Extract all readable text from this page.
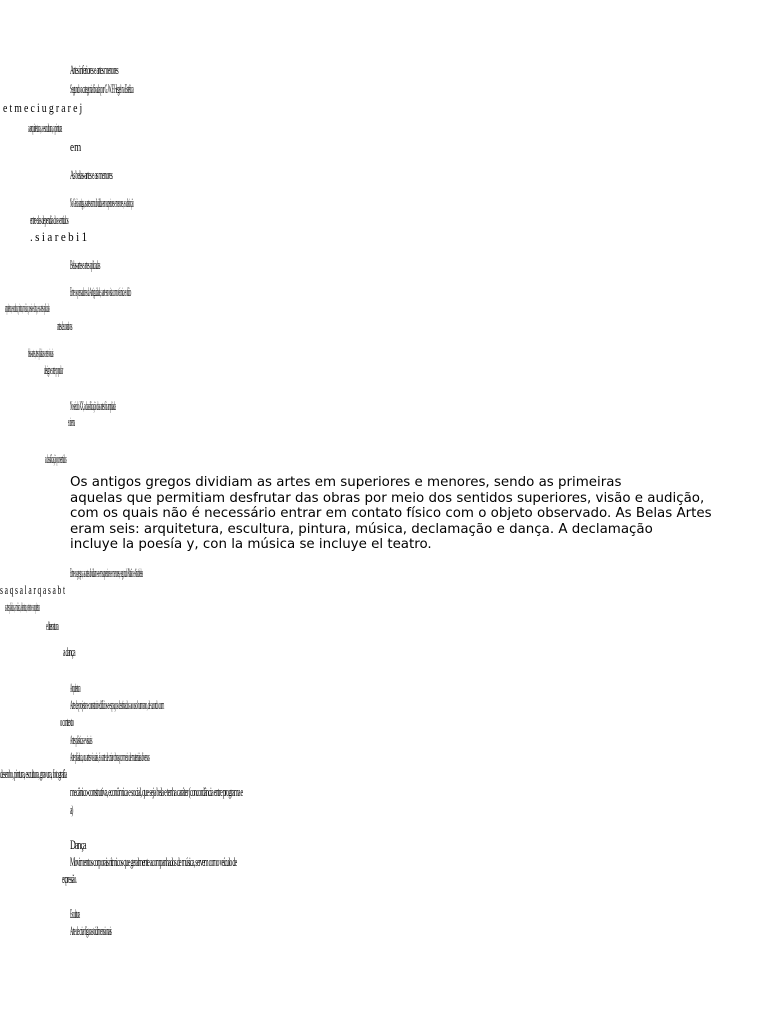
Artes inferiores e artes menores
Segundo a categoria fixada por G. W. F. Hegel na Estética
e t m e c i u g r a r e j
a arquitetura, a escultura, a pintura
e m
As belas-artes e as menores
Na Grécia antiga, as artes eram divididas em superiores e menores, e a distinção
entre elas dependia dos sentidos
. s i a r e b i 1
Belas-artes e artes aplicadas
Entre os pensadores da Antiguidade, a arte era vista como técnica e ofício
arquitetura, escultura, pintura, música, poesia e dança, e as artes aplicadas
artes decorativas
belas-artes, artes plásticas e artes visuais
design e arte popular
No século XX, a classificação das artes foi ampliada
e cinema
a classificação por sentidos
Os antigos gregos dividiam as artes em superiores e menores, sendo as primeiras
aquelas que permitiam desfrutar das obras por meio dos sentidos superiores, visão e audição,
com os quais não é necessário entrar em contato físico com o objeto observado. As Belas Artes
eram seis: arquitetura, escultura, pintura, música, declamação e dança. A declamação
incluye la poesía y, con la música se incluye el teatro.
Entre os gregos, as artes dividiam-se em superiores e menores, segundo Platão e Aristóteles
s a q s a l a r q a s a b t
as artes plásticas, a música, a literatura, o teatro e a arquitetura
e literatura
a dança
Arquitetura
Arte de projetar e construir edifícios e espaços destinados ao uso humano, de acordo com
o contexto
Artes plásticas e visuais
Arte plástica, ou artes visuais, é a arte de criar obras por meio de materiais diversos
desenho, pintura, escultura, gravura, fotografia
mecânico-construtiva, econômica e social, que seja bela e tenha caráter (concordância entre programa e
a)
Dança
Movimentos corporais rítmicos que geralmente acompanhados de música, servem como veículo de
expressão.
Escultura
Arte de criar figuras tridimensionais
